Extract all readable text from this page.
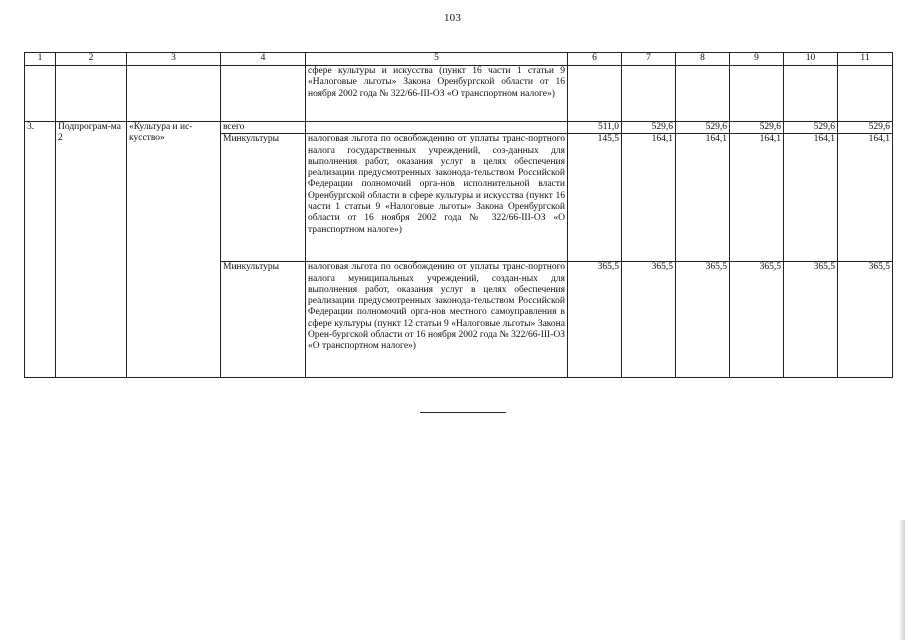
103
1	2	3	4	5	6	7	8	9	10	11
				сфере культуры и искусства (пункт 16 части 1 статьи 9 «Налоговые льготы» Закона Оренбургской области от 16 ноября 2002 года № 322/66-III-ОЗ «О транспортном налоге»)						
3.	Подпрограм-ма 2	«Культура и ис-кусство»	всего		511,0	529,6	529,6	529,6	529,6	529,6
			Минкультуры	налоговая льгота по освобождению от уплаты транс-портного налога государственных учреждений, соз-данных для выполнения работ, оказания услуг в целях обеспечения реализации предусмотренных законода-тельством Российской Федерации полномочий орга-нов исполнительной власти Оренбургской области в сфере культуры и искусства (пункт 16 части 1 статьи 9 «Налоговые льготы» Закона Оренбургской области от 16 ноября 2002 года № 322/66-III-ОЗ «О транспортном налоге»)	145,5	164,1	164,1	164,1	164,1	164,1
			Минкультуры	налоговая льгота по освобождению от уплаты транс-портного налога муниципальных учреждений, создан-ных для выполнения работ, оказания услуг в целях обеспечения реализации предусмотренных законода-тельством Российской Федерации полномочий орга-нов местного самоуправления в сфере культуры (пункт 12 статьи 9 «Налоговые льготы» Закона Орен-бургской области от 16 ноября 2002 года № 322/66-III-ОЗ «О транспортном налоге»)	365,5	365,5	365,5	365,5	365,5	365,5
